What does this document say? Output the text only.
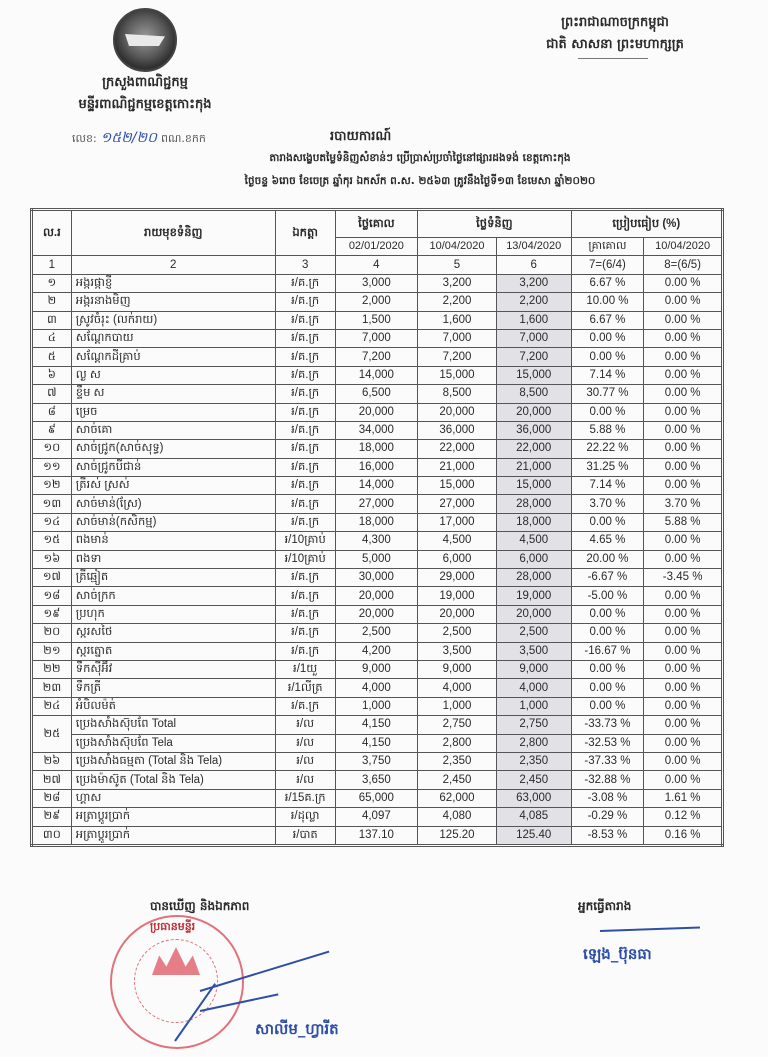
ក្រសួងពាណិជ្ជកម្ម
មន្ទីរពាណិជ្ជកម្មខេត្តកោះកុង
លេខ: ១៥២/២០ ពណ.ខកក
ព្រះរាជាណាចក្រកម្ពុជា
ជាតិ សាសនា ព្រះមហាក្សត្រ
របាយការណ៍
តារាងសង្ខេបតម្លៃទំនិញសំខាន់ៗ ប្រើប្រាស់ប្រចាំថ្ងៃនៅផ្សារដងទង់ ខេត្តកោះកុង
ថ្ងៃចន្ទ ៦រោច ខែចេត្រ ឆ្នាំកុរ ឯកស័ក ព.ស. ២៥៦៣ ត្រូវនឹងថ្ងៃទី១៣ ខែមេសា ឆ្នាំ២០២០
ល.រ	រាយមុខទំនិញ	ឯកត្តា	ថ្លៃគោល	ថ្លៃទំនិញ		ប្រៀបធៀប (%)	
			02/01/2020	10/04/2020	13/04/2020	គ្រាគោល	10/04/2020
1	2	3	4	5	6	7=(6/4)	8=(6/5)
១	អង្ករផ្កាខ្ញី	៛/គ.ក្រ	3,000	3,200	3,200	6.67 %	0.00 %
២	អង្ករនាងមិញ	៛/គ.ក្រ	2,000	2,200	2,200	10.00 %	0.00 %
៣	ស្រូវចំរុះ (លក់រាយ)	៛/គ.ក្រ	1,500	1,600	1,600	6.67 %	0.00 %
៤	សណ្តែកបាយ	៛/គ.ក្រ	7,000	7,000	7,000	0.00 %	0.00 %
៥	សណ្តែកដីគ្រាប់	៛/គ.ក្រ	7,200	7,200	7,200	0.00 %	0.00 %
៦	ល្ង ស	៛/គ.ក្រ	14,000	15,000	15,000	7.14 %	0.00 %
៧	ខ្ទឹម ស	៛/គ.ក្រ	6,500	8,500	8,500	30.77 %	0.00 %
៨	ម្រេច	៛/គ.ក្រ	20,000	20,000	20,000	0.00 %	0.00 %
៩	សាច់គោ	៛/គ.ក្រ	34,000	36,000	36,000	5.88 %	0.00 %
១០	សាច់ជ្រូក(សាច់សុទ្ធ)	៛/គ.ក្រ	18,000	22,000	22,000	22.22 %	0.00 %
១១	សាច់ជ្រូកបីជាន់	៛/គ.ក្រ	16,000	21,000	21,000	31.25 %	0.00 %
១២	ត្រីរស់ ស្រស់	៛/គ.ក្រ	14,000	15,000	15,000	7.14 %	0.00 %
១៣	សាច់មាន់(ស្រែ)	៛/គ.ក្រ	27,000	27,000	28,000	3.70 %	3.70 %
១៤	សាច់មាន់(កសិកម្ម)	៛/គ.ក្រ	18,000	17,000	18,000	0.00 %	5.88 %
១៥	ពងមាន់	៛/10គ្រាប់	4,300	4,500	4,500	4.65 %	0.00 %
១៦	ពងទា	៛/10គ្រាប់	5,000	6,000	6,000	20.00 %	0.00 %
១៧	ត្រីឆ្មៀត	៛/គ.ក្រ	30,000	29,000	28,000	-6.67 %	-3.45 %
១៨	សាច់ក្រក	៛/គ.ក្រ	20,000	19,000	19,000	-5.00 %	0.00 %
១៩	ប្រហុក	៛/គ.ក្រ	20,000	20,000	20,000	0.00 %	0.00 %
២០	ស្ករសថៃ	៛/គ.ក្រ	2,500	2,500	2,500	0.00 %	0.00 %
២១	ស្ករត្នោត	៛/គ.ក្រ	4,200	3,500	3,500	-16.67 %	0.00 %
២២	ទឹកស៊ីអ៊ីវ	៛/1យួ	9,000	9,000	9,000	0.00 %	0.00 %
២៣	ទឹកត្រី	៛/1លីត្រ	4,000	4,000	4,000	0.00 %	0.00 %
២៤	អំបិលម៉ត់	៛/គ.ក្រ	1,000	1,000	1,000	0.00 %	0.00 %
២៥	ប្រេងសាំងស៊ុបពែ Total	៛/ល	4,150	2,750	2,750	-33.73 %	0.00 %
	ប្រេងសាំងស៊ុបពែ Tela	៛/ល	4,150	2,800	2,800	-32.53 %	0.00 %
២៦	ប្រេងសាំងធម្មតា (Total និង Tela)	៛/ល	3,750	2,350	2,350	-37.33 %	0.00 %
២៧	ប្រេងម៉ាស៊ូត (Total និង Tela)	៛/ល	3,650	2,450	2,450	-32.88 %	0.00 %
២៨	ហ្គាស	៛/15គ.ក្រ	65,000	62,000	63,000	-3.08 %	1.61 %
២៩	អត្រាប្តូរប្រាក់	៛/ដុល្លា	4,097	4,080	4,085	-0.29 %	0.12 %
៣០	អត្រាប្តូរប្រាក់	៛/បាត	137.10	125.20	125.40	-8.53 %	0.16 %
បានឃើញ និងឯកភាព
ប្រធានមន្ទីរ
សាលីម_ហ្វារីត
អ្នកធ្វើតារាង
ឡេង_ប៊ុនធា
